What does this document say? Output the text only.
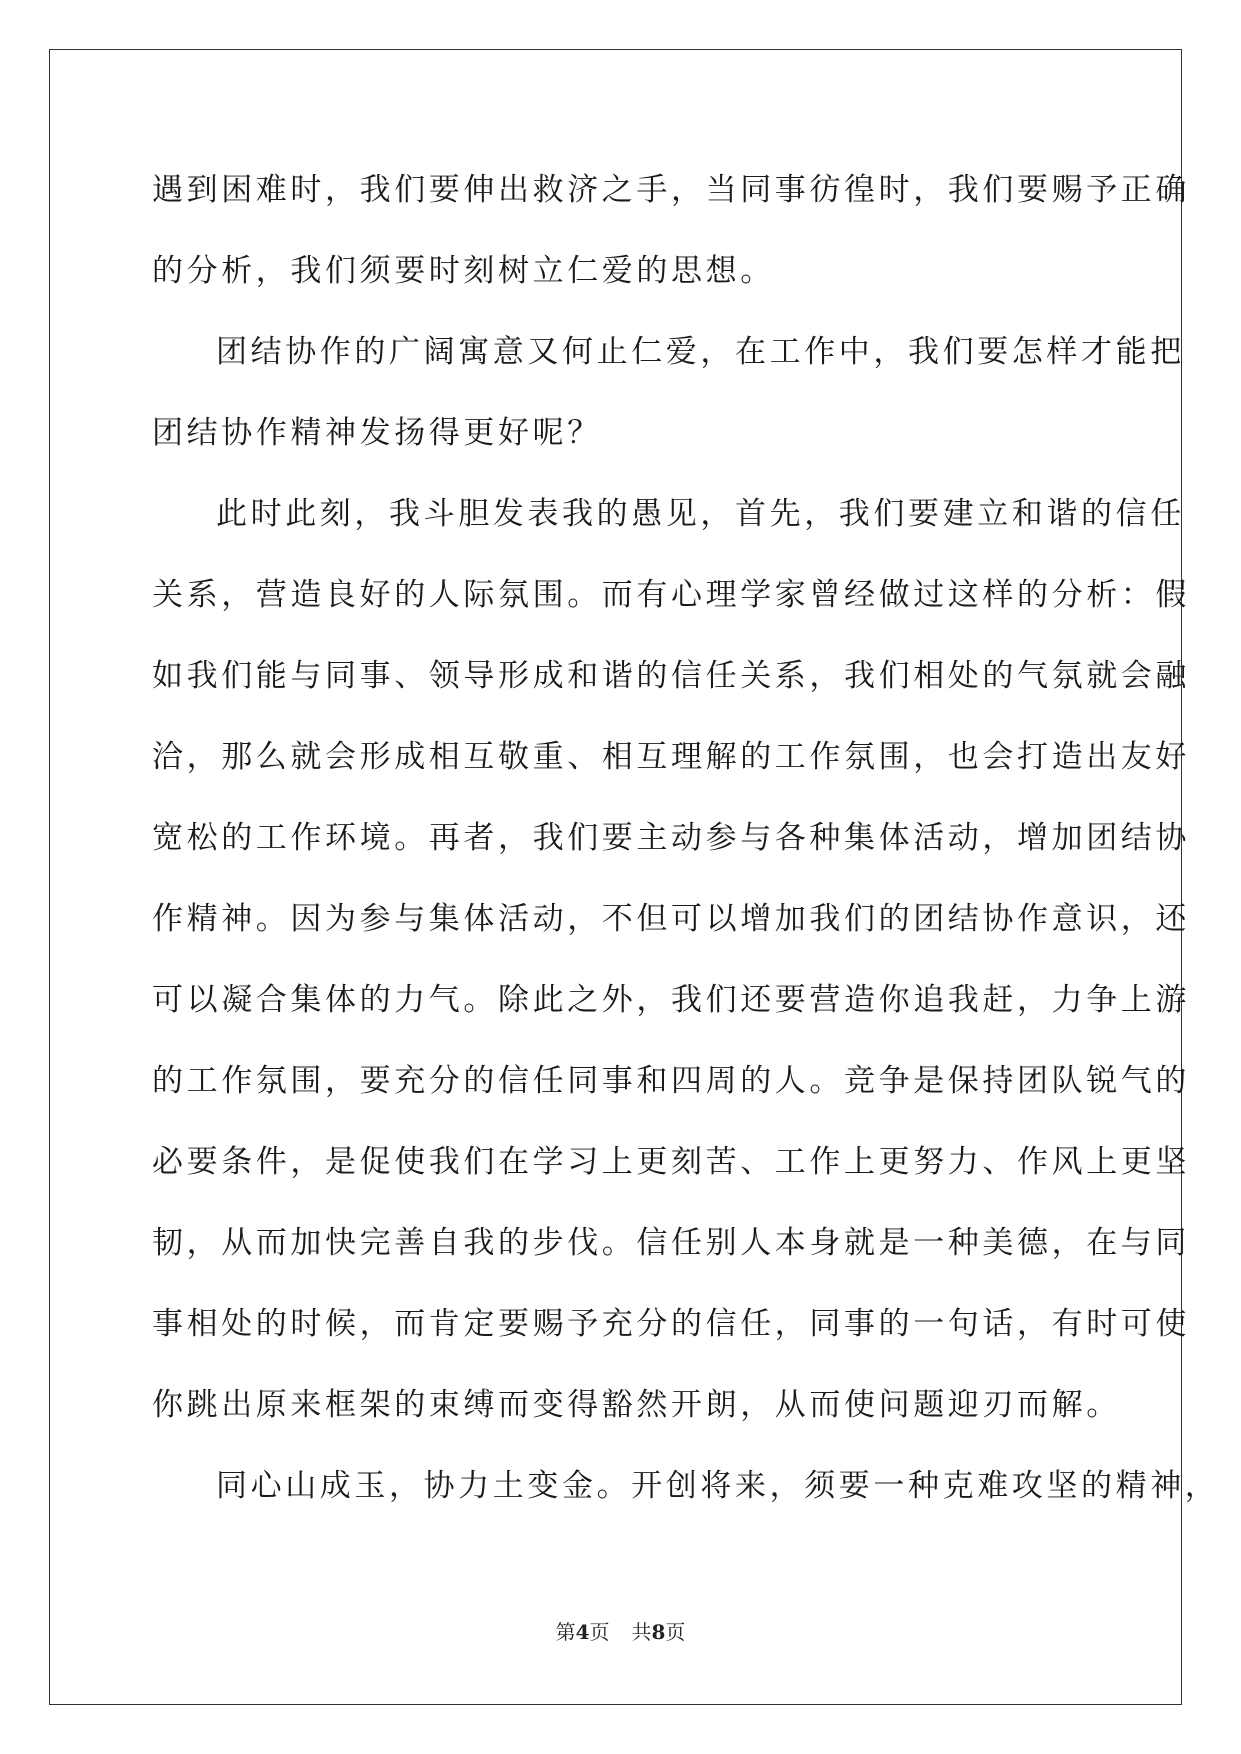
遇到困难时，我们要伸出救济之手，当同事彷徨时，我们要赐予正确
的分析，我们须要时刻树立仁爱的思想。
团结协作的广阔寓意又何止仁爱，在工作中，我们要怎样才能把
团结协作精神发扬得更好呢？
此时此刻，我斗胆发表我的愚见，首先，我们要建立和谐的信任
关系，营造良好的人际氛围。而有心理学家曾经做过这样的分析：假
如我们能与同事、领导形成和谐的信任关系，我们相处的气氛就会融
洽，那么就会形成相互敬重、相互理解的工作氛围，也会打造出友好
宽松的工作环境。再者，我们要主动参与各种集体活动，增加团结协
作精神。因为参与集体活动，不但可以增加我们的团结协作意识，还
可以凝合集体的力气。除此之外，我们还要营造你追我赶，力争上游
的工作氛围，要充分的信任同事和四周的人。竞争是保持团队锐气的
必要条件，是促使我们在学习上更刻苦、工作上更努力、作风上更坚
韧，从而加快完善自我的步伐。信任别人本身就是一种美德，在与同
事相处的时候，而肯定要赐予充分的信任，同事的一句话，有时可使
你跳出原来框架的束缚而变得豁然开朗，从而使问题迎刃而解。
同心山成玉，协力土变金。开创将来，须要一种克难攻坚的精神，
第4页 共8页
